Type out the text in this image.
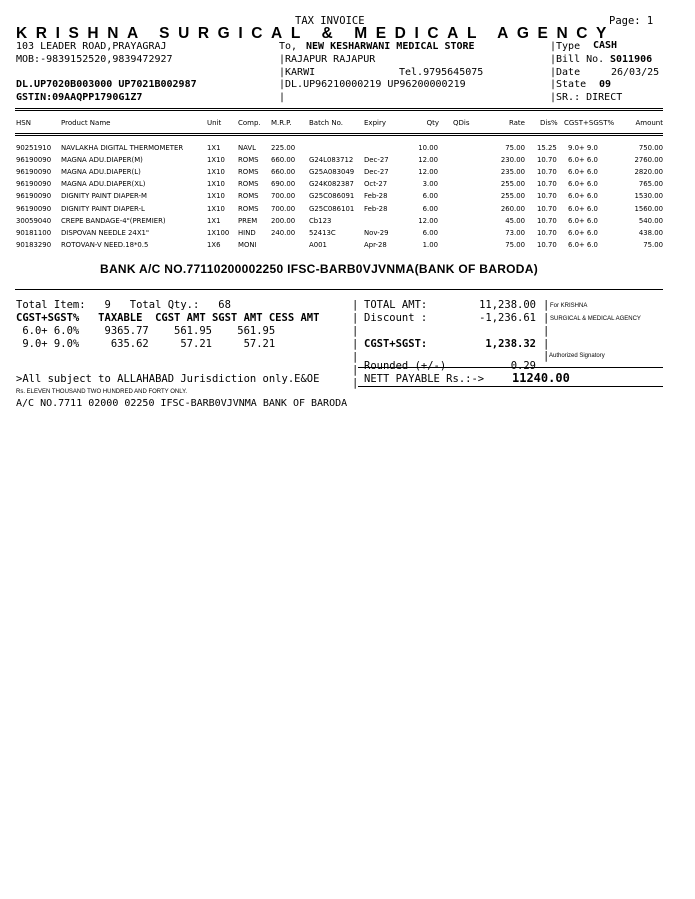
TAX INVOICE	Page: 1
KRISHNA SURGICAL & MEDICAL AGENCY
103 LEADER ROAD,PRAYAGRAJ
MOB:-9839152520,9839472927
DL.UP7020B003000 UP7021B002987
GSTIN:09AAQPP1790G1Z7
To, NEW KESHARWANI MEDICAL STORE
|RAJAPUR RAJAPUR
|KARWI	Tel.9795645075
|DL.UP96210000219 UP96200000219
|
|Type CASH
|Bill No. S011906
|Date	26/03/25
|State 09
|SR.: DIRECT
HSN	Product Name	Unit Comp. M.R.P.	Batch No.	Expiry	Qty QDis	Rate Dis% CGST+SGST%	Amount
90251910 NAVLAKHA DIGITAL THERMOMETER	1X1	NAVL 225.00	10.00	75.00 15.25 9.0+ 9.0	750.00
96190090 MAGNA ADU.DIAPER(M)	1X10 ROMS 660.00 G24L083712 Dec-27	12.00	230.00 10.70 6.0+ 6.0	2760.00
96190090 MAGNA ADU.DIAPER(L)	1X10 ROMS 660.00 G25A083049 Dec-27	12.00	235.00 10.70 6.0+ 6.0	2820.00
96190090 MAGNA ADU.DIAPER(XL)	1X10 ROMS 690.00 G24K082387 Oct-27	3.00	255.00 10.70 6.0+ 6.0	765.00
96190090 DIGNITY PAINT DIAPER-M	1X10 ROMS 700.00 G25C086091 Feb-28	6.00	255.00 10.70 6.0+ 6.0	1530.00
96190090 DIGNITY PAINT DIAPER-L	1X10 ROMS 700.00 G25C086101 Feb-28	6.00	260.00 10.70 6.0+ 6.0	1560.00
30059040 CREPE BANDAGE-4"(PREMIER)	1X1	PREM 200.00 Cb123	12.00	45.00 10.70 6.0+ 6.0	540.00
90181100 DISPOVAN NEEDLE 24X1"	1X100 HIND 240.00 52413C	Nov-29	6.00	73.00 10.70 6.0+ 6.0	438.00
90183290 ROTOVAN-V NEED.18*0.5	1X6	MONI	A001	Apr-28	1.00	75.00 10.70 6.0+ 6.0	75.00
BANK A/C NO.77110200002250 IFSC-BARB0VJVNMA(BANK OF BARODA)
Total Item:   9   Total Qty.:   68
CGST+SGST%   TAXABLE  CGST AMT SGST AMT CESS AMT
6.0+ 6.0%    9365.77    561.95    561.95
9.0+ 9.0%     635.62     57.21     57.21
>All subject to ALLAHABAD Jurisdiction only.E&OE
|
|
|
|
|
|
|
TOTAL AMT:	11,238.00
Discount :	-1,236.61
CGST+SGST:	1,238.32
Rounded (+/-)	0.29
NETT PAYABLE Rs.:-> 11240.00
|
|
|
|
|
For KRISHNA
SURGICAL & MEDICAL AGENCY
Authorized Signatory
Rs. ELEVEN THOUSAND TWO HUNDRED AND FORTY ONLY.
A/C NO.7711 02000 02250 IFSC-BARB0VJVNMA BANK OF BARODA
